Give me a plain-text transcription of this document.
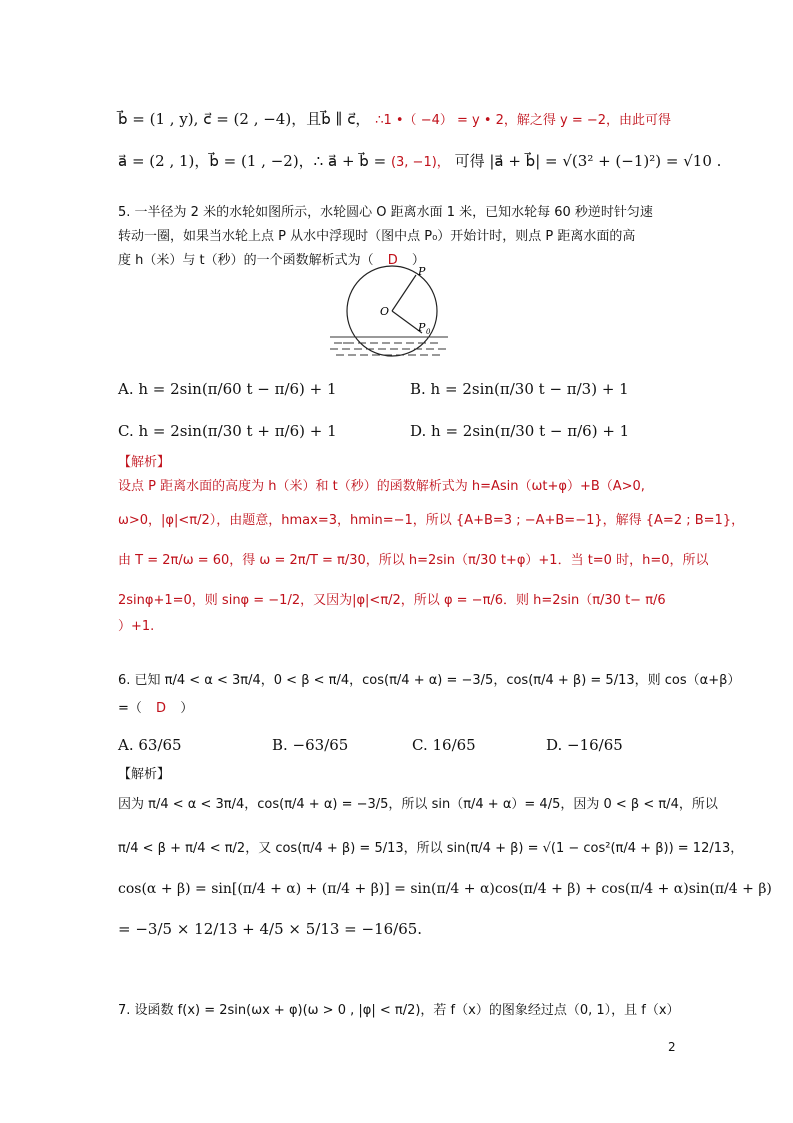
b⃗ = (1 , y), c⃗ = (2 , −4)，且b⃗ ∥ c⃗， ∴1 •（ −4） = y • 2，解之得 y = −2，由此可得
a⃗ = (2 , 1)，b⃗ = (1 , −2)，∴ a⃗ + b⃗ = (3, −1)， 可得 |a⃗ + b⃗| = √(3² + (−1)²) = √10 .
5. 一半径为 2 米的水轮如图所示，水轮圆心 O 距离水面 1 米，已知水轮每 60 秒逆时针匀速
转动一圈，如果当水轮上点 P 从水中浮现时（图中点 P₀）开始计时，则点 P 距离水面的高
度 h（米）与 t（秒）的一个函数解析式为（ D ）
O
P
P 0
A. h = 2sin(π/60 t − π/6) + 1	B. h = 2sin(π/30 t − π/3) + 1
C. h = 2sin(π/30 t + π/6) + 1	D. h = 2sin(π/30 t − π/6) + 1
【解析】
设点 P 距离水面的高度为 h（米）和 t（秒）的函数解析式为 h=Asin（ωt+φ）+B（A>0,
ω>0，|φ|<π/2），由题意，hmax=3，hmin=−1，所以 {A+B=3 ; −A+B=−1}，解得 {A=2 ; B=1}，
由 T = 2π/ω = 60，得 ω = 2π/T = π/30，所以 h=2sin（π/30 t+φ）+1．当 t=0 时，h=0，所以
2sinφ+1=0，则 sinφ = −1/2，又因为|φ|<π/2，所以 φ = −π/6．则 h=2sin（π/30 t− π/6
）+1.
6. 已知 π/4 < α < 3π/4，0 < β < π/4，cos(π/4 + α) = −3/5，cos(π/4 + β) = 5/13，则 cos（α+β）
=（ D ）
A. 63/65	B. −63/65	C. 16/65	D. −16/65
【解析】
因为 π/4 < α < 3π/4，cos(π/4 + α) = −3/5，所以 sin（π/4 + α）= 4/5，因为 0 < β < π/4，所以
π/4 < β + π/4 < π/2，又 cos(π/4 + β) = 5/13，所以 sin(π/4 + β) = √(1 − cos²(π/4 + β)) = 12/13，
cos(α + β) = sin[(π/4 + α) + (π/4 + β)] = sin(π/4 + α)cos(π/4 + β) + cos(π/4 + α)sin(π/4 + β)
= −3/5 × 12/13 + 4/5 × 5/13 = −16/65.
7. 设函数 f(x) = 2sin(ωx + φ)(ω > 0 , |φ| < π/2)，若 f（x）的图象经过点（0, 1），且 f（x）
2
